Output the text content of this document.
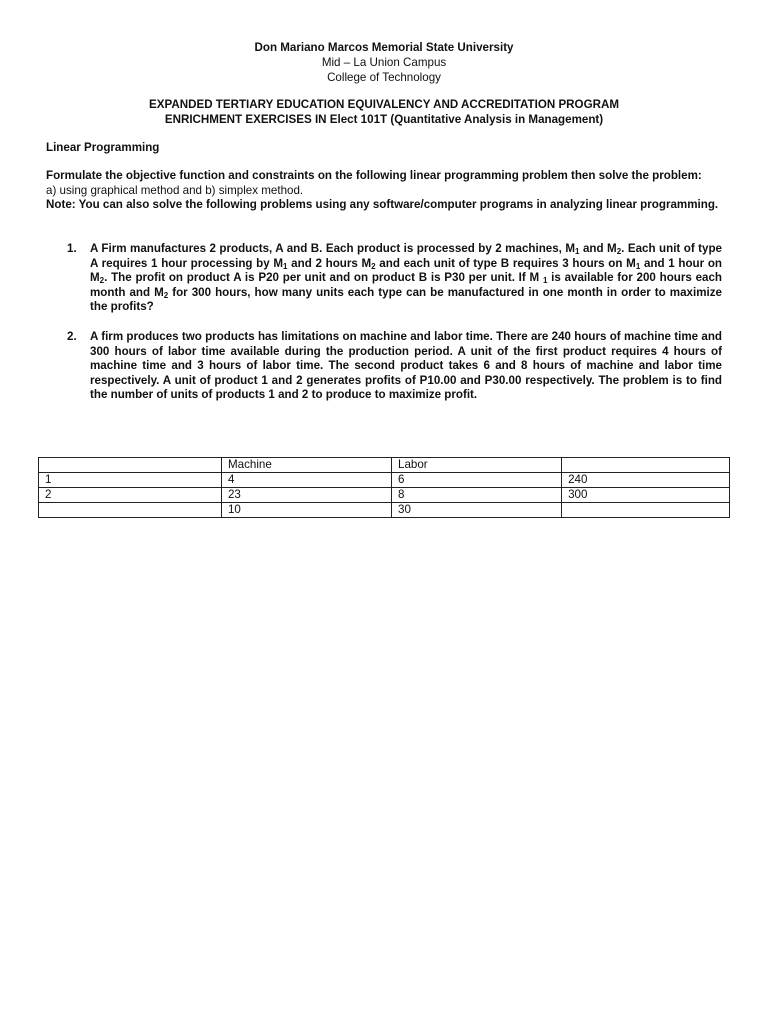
Don Mariano Marcos Memorial State University
Mid – La Union Campus
College of Technology
EXPANDED TERTIARY EDUCATION EQUIVALENCY AND ACCREDITATION PROGRAM
ENRICHMENT EXERCISES IN Elect 101T (Quantitative Analysis in Management)
Linear Programming
Formulate the objective function and constraints on the following linear programming problem then solve the problem:
a) using graphical method and b) simplex method.
Note: You can also solve the following problems using any software/computer programs in analyzing linear programming.
1. A Firm manufactures 2 products, A and B. Each product is processed by 2 machines, $M_1$ and $M_2$. Each unit of type A requires 1 hour processing by $M_1$ and 2 hours $M_2$ and each unit of type B requires 3 hours on $M_1$ and 1 hour on $M_2$. The profit on product A is P20 per unit and on product B is P30 per unit. If M $_1$ is available for 200 hours each month and $M_2$ for 300 hours, how many units each type can be manufactured in one month in order to maximize the profits?
2. A firm produces two products has limitations on machine and labor time. There are 240 hours of machine time and 300 hours of labor time available during the production period. A unit of the first product requires 4 hours of machine time and 3 hours of labor time. The second product takes 6 and 8 hours of machine and labor time respectively. A unit of product 1 and 2 generates profits of P10.00 and P30.00 respectively. The problem is to find the number of units of products 1 and 2 to produce to maximize profit.
	Machine	Labor	
1	4	6	240
2	23	8	300
	10	30	
